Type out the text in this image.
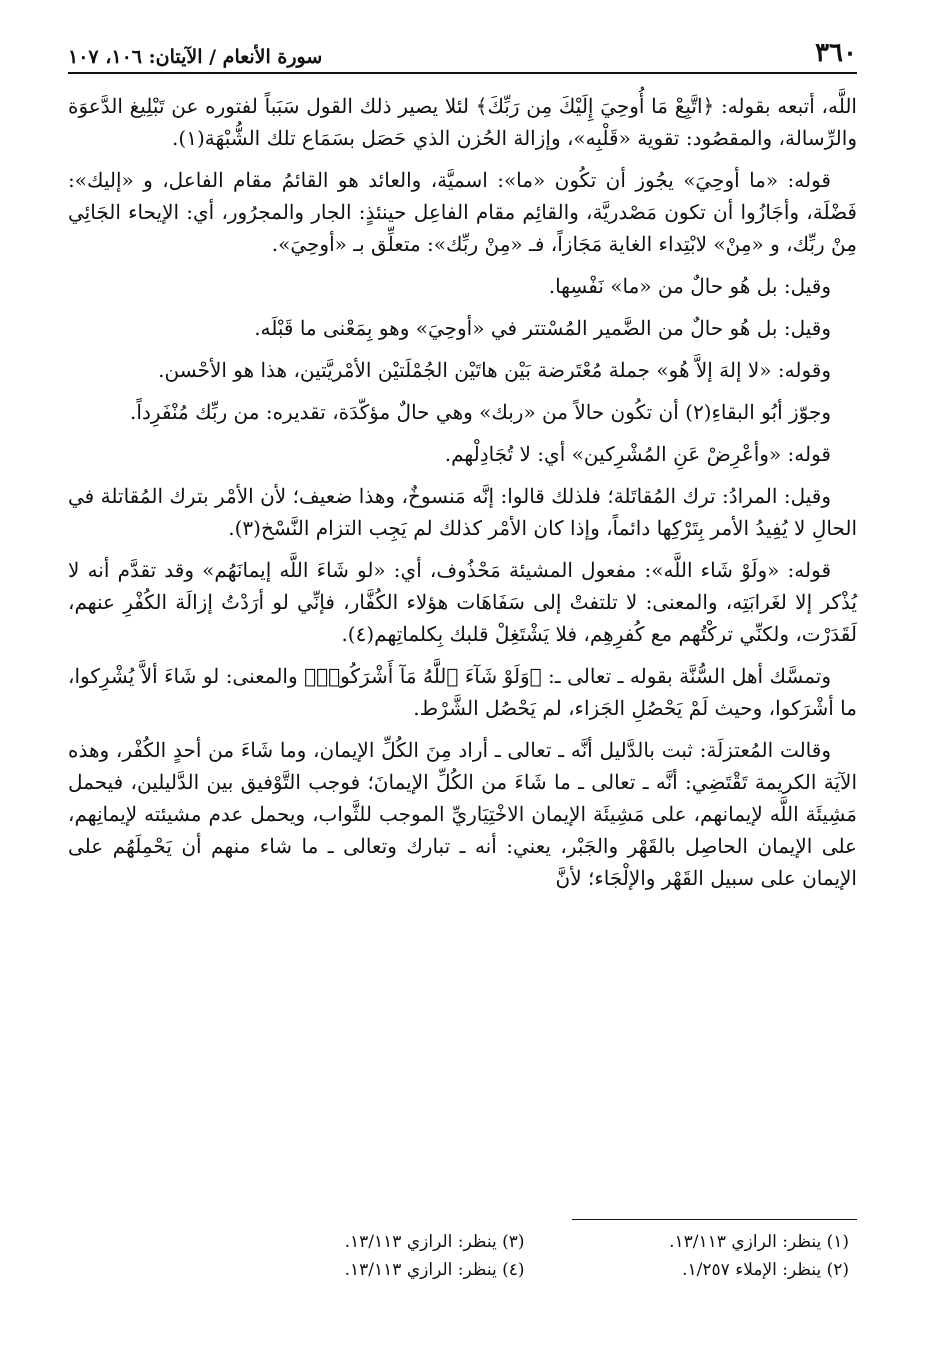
٣٦٠
سورة الأنعام / الآيتان: ١٠٦، ١٠٧

اللَّه، أتبعه بقوله: ﴿اتَّبِعْ مَا أُوحِيَ إِلَيْكَ مِن رَبِّكَ﴾ لئلا يصير ذلك القول سَبَباً لفتوره عن تَبْلِيغ الدَّعوَة والرِّسالة، والمقصُود: تقوية «قَلْبِه»، وإزالة الحُزن الذي حَصَل بسَمَاع تلك الشُّبْهَة(١).

قوله: «ما أوحِيَ» يجُوز أن تكُون «ما»: اسميَّة، والعائد هو القائمُ مقام الفاعل، و «إليك»: فَضْلَة، وأجَازُوا أن تكون مَصْدريَّة، والقائِم مقام الفاعِل حينئذٍ: الجار والمجرُور، أي: الإيحاء الجَائِي مِنْ ربِّك، و «مِنْ» لابْتِداء الغاية مَجَازاً، فـ «مِنْ ربِّك»: متعلِّق بـ «أوحِيَ».

وقيل: بل هُو حالٌ من «ما» نَفْسِها.

وقيل: بل هُو حالٌ من الضَّمير المُسْتتر في «أوحِيَ» وهو بِمَعْنى ما قَبْلَه.

وقوله: «لا إلهَ إلاَّ هُو» جملة مُعْتَرضة بَيْن هاتَيْن الجُمْلَتيْن الأمْريَّتين، هذا هو الأحْسن.

وجوّز أبُو البقاءِ(٢) أن تكُون حالاً من «ربك» وهي حالٌ مؤكّدَة، تقديره: من ربِّك مُنْفَرِداً.

قوله: «وأعْرِضْ عَنِ المُشْرِكين» أي: لا تُجَادِلْهم.

وقيل: المرادُ: ترك المُقاتَلة؛ فلذلك قالوا: إنَّه مَنسوخٌ، وهذا ضعيف؛ لأن الأمْر بترك المُقاتلة في الحالِ لا يُفِيدُ الأمر بِتَرْكِها دائماً، وإذا كان الأمْر كذلك لم يَجِب التزام النَّسْخ(٣).

قوله: «ولَوْ شَاء اللَّه»: مفعول المشيئة مَحْذُوف، أي: «لو شَاءَ اللَّه إيمانَهُم» وقد تقدَّم أنه لا يُذْكر إلا لغَرابَتِه، والمعنى: لا تلتفتْ إلى سَفَاهَات هؤلاء الكُفَّار، فإنِّي لو أرَدْتُ إزالَة الكُفْرِ عنهم، لَقَدَرْت، ولكنِّي تركْتُهم مع كُفرِهِم، فلا يَشْتَغِلْ قلبك بِكلماتِهم(٤).

وتمسَّك أهل السُّنَّة بقوله ـ تعالى ـ: ﴿وَلَوْ شَآءَ ٱللَّهُ مَآ أَشْرَكُوا۟﴾ والمعنى: لو شَاءَ ألاَّ يُشْرِكوا، ما أشْرَكوا، وحيث لَمْ يَحْصُلِ الجَزاء، لم يَحْصُل الشَّرْط.

وقالت المُعتزلَة: ثبت بالدَّليل أنَّه ـ تعالى ـ أراد مِنَ الكُلِّ الإيمان، وما شَاءَ من أحدٍ الكُفْر، وهذه الآيَة الكريمة تَقْتَضِي: أنَّه ـ تعالى ـ ما شَاءَ من الكُلِّ الإيمانَ؛ فوجب التَّوْفيق بين الدَّليلين، فيحمل مَشِيئَة اللَّه لإيمانهم، على مَشِيئَة الإيمان الاخْتِيَاريِّ الموجب للثَّواب، ويحمل عدم مشيئته لإيمانِهم، على الإيمان الحاصِل بالقَهْر والجَبْر، يعني: أنه ـ تبارك وتعالى ـ ما شاء منهم أن يَحْمِلَهُم على الإيمان على سبيل القَهْر والإلْجَاء؛ لأنَّ

(١) ينظر: الرازي ١٣/١١٣.
(٣) ينظر: الرازي ١٣/١١٣.
(٢) ينظر: الإملاء ١/٢٥٧.
(٤) ينظر: الرازي ١٣/١١٣.
